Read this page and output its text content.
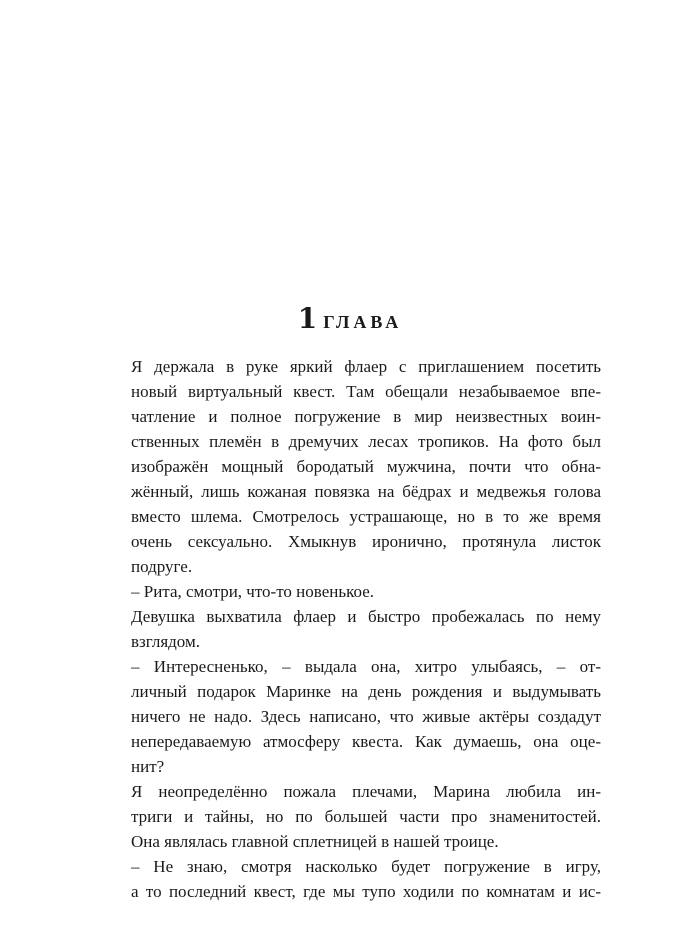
1 ГЛАВА

Я держала в руке яркий флаер с приглашением посетить
новый виртуальный квест. Там обещали незабываемое впе-
чатление и полное погружение в мир неизвестных воин-
ственных племён в дремучих лесах тропиков. На фото был
изображён мощный бородатый мужчина, почти что обна-
жённый, лишь кожаная повязка на бёдрах и медвежья голова
вместо шлема. Смотрелось устрашающе, но в то же время
очень сексуально. Хмыкнув иронично, протянула листок
подруге.

– Рита, смотри, что-то новенькое.

Девушка выхватила флаер и быстро пробежалась по нему
взглядом.

– Интересненько, – выдала она, хитро улыбаясь, – от-
личный подарок Маринке на день рождения и выдумывать
ничего не надо. Здесь написано, что живые актёры создадут
непередаваемую атмосферу квеста. Как думаешь, она оце-
нит?

Я неопределённо пожала плечами, Марина любила ин-
триги и тайны, но по большей части про знаменитостей.
Она являлась главной сплетницей в нашей троице.

– Не знаю, смотря насколько будет погружение в игру,
а то последний квест, где мы тупо ходили по комнатам и ис-
